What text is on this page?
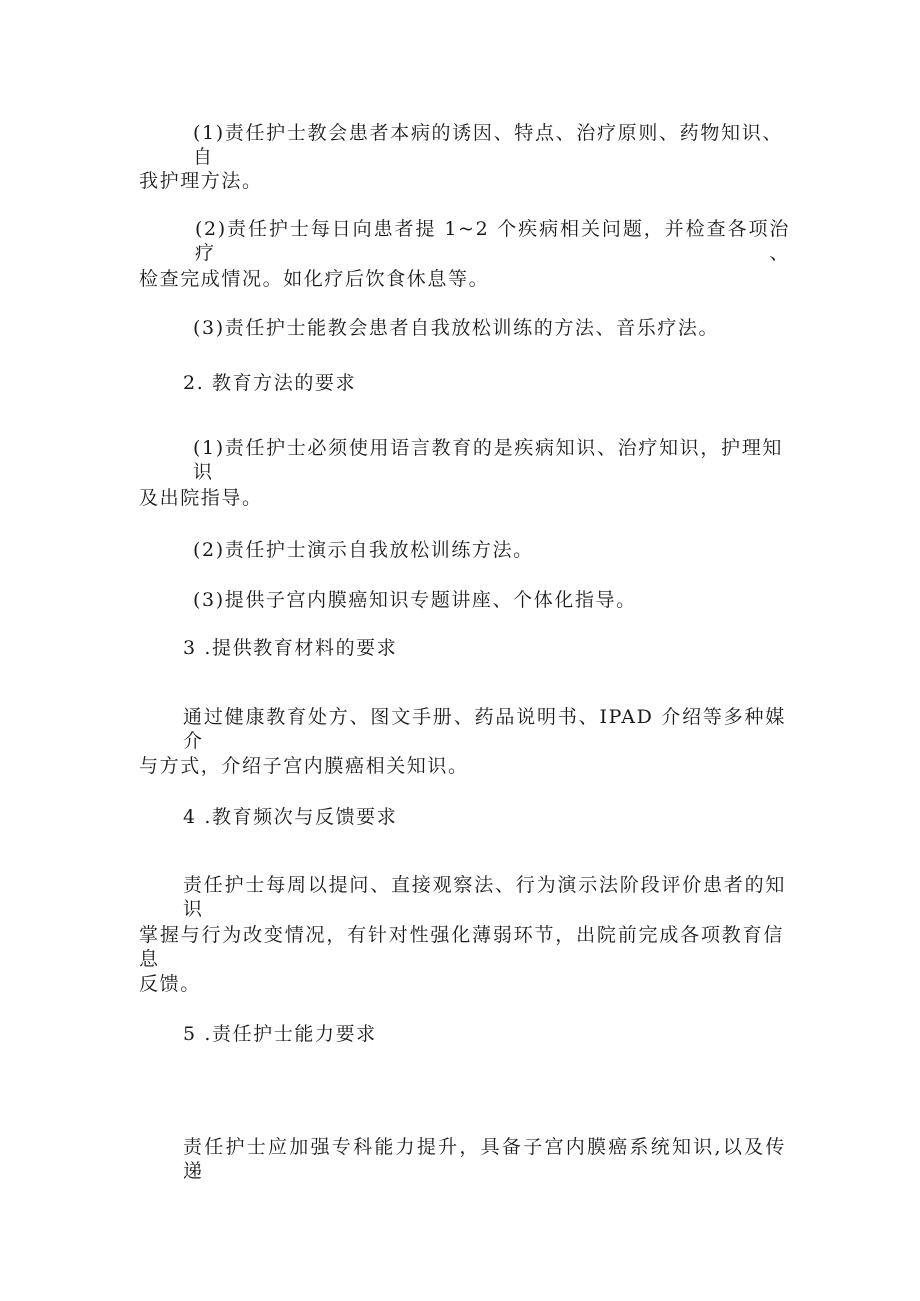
(1)责任护士教会患者本病的诱因、特点、治疗原则、药物知识、自
我护理方法。
(2)责任护士每日向患者提 1~2 个疾病相关问题，并检查各项治疗、
检查完成情况。如化疗后饮食休息等。
(3)责任护士能教会患者自我放松训练的方法、音乐疗法。
2. 教育方法的要求
(1)责任护士必须使用语言教育的是疾病知识、治疗知识，护理知识
及出院指导。
(2)责任护士演示自我放松训练方法。
(3)提供子宫内膜癌知识专题讲座、个体化指导。
3 .提供教育材料的要求
通过健康教育处方、图文手册、药品说明书、IPAD 介绍等多种媒介
与方式，介绍子宫内膜癌相关知识。
4 .教育频次与反馈要求
责任护士每周以提问、直接观察法、行为演示法阶段评价患者的知识
掌握与行为改变情况，有针对性强化薄弱环节，出院前完成各项教育信息
反馈。
5 .责任护士能力要求
责任护士应加强专科能力提升，具备子宫内膜癌系统知识,以及传递
